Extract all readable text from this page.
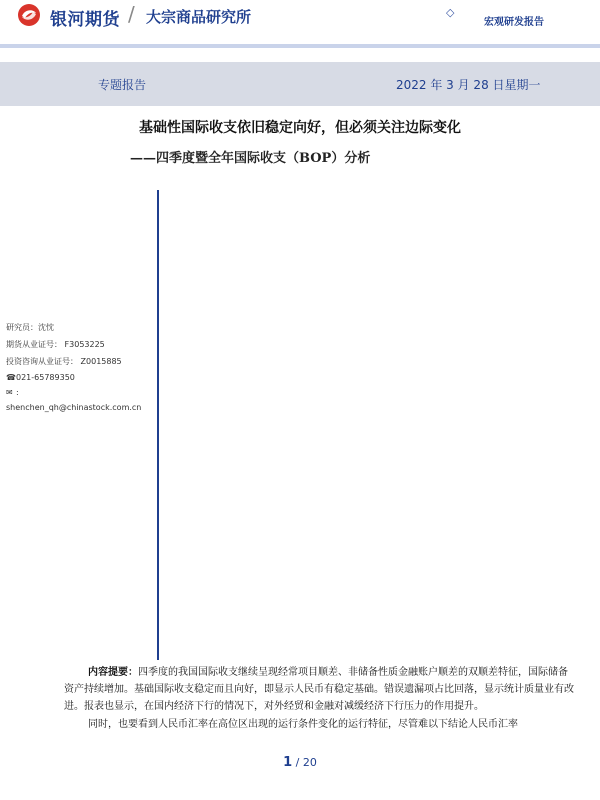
银河期货 / 大宗商品研究所	◇
宏观研发报告
专题报告	2022 年 3 月 28 日星期一
基础性国际收支依旧稳定向好，但必须关注边际变化
——四季度暨全年国际收支（BOP）分析
研究员：沈忱
期货从业证号： F3053225
投资咨询从业证号： Z0015885
☎021-65789350
✉ :
shenchen_qh@chinastock.com.cn

内容提要：四季度的我国国际收支继续呈现经常项目顺差、非储备性质金融账户顺差的双顺差特征，国际储备资产持续增加。基础国际收支稳定而且向好，即显示人民币有稳定基础。错误遗漏项占比回落，显示统计质量业有改进。报表也显示，在国内经济下行的情况下，对外经贸和金融对减缓经济下行压力的作用提升。

同时，也要看到人民币汇率在高位区出现的运行条件变化的运行特征，尽管难以下结论人民币汇率

1 / 20
